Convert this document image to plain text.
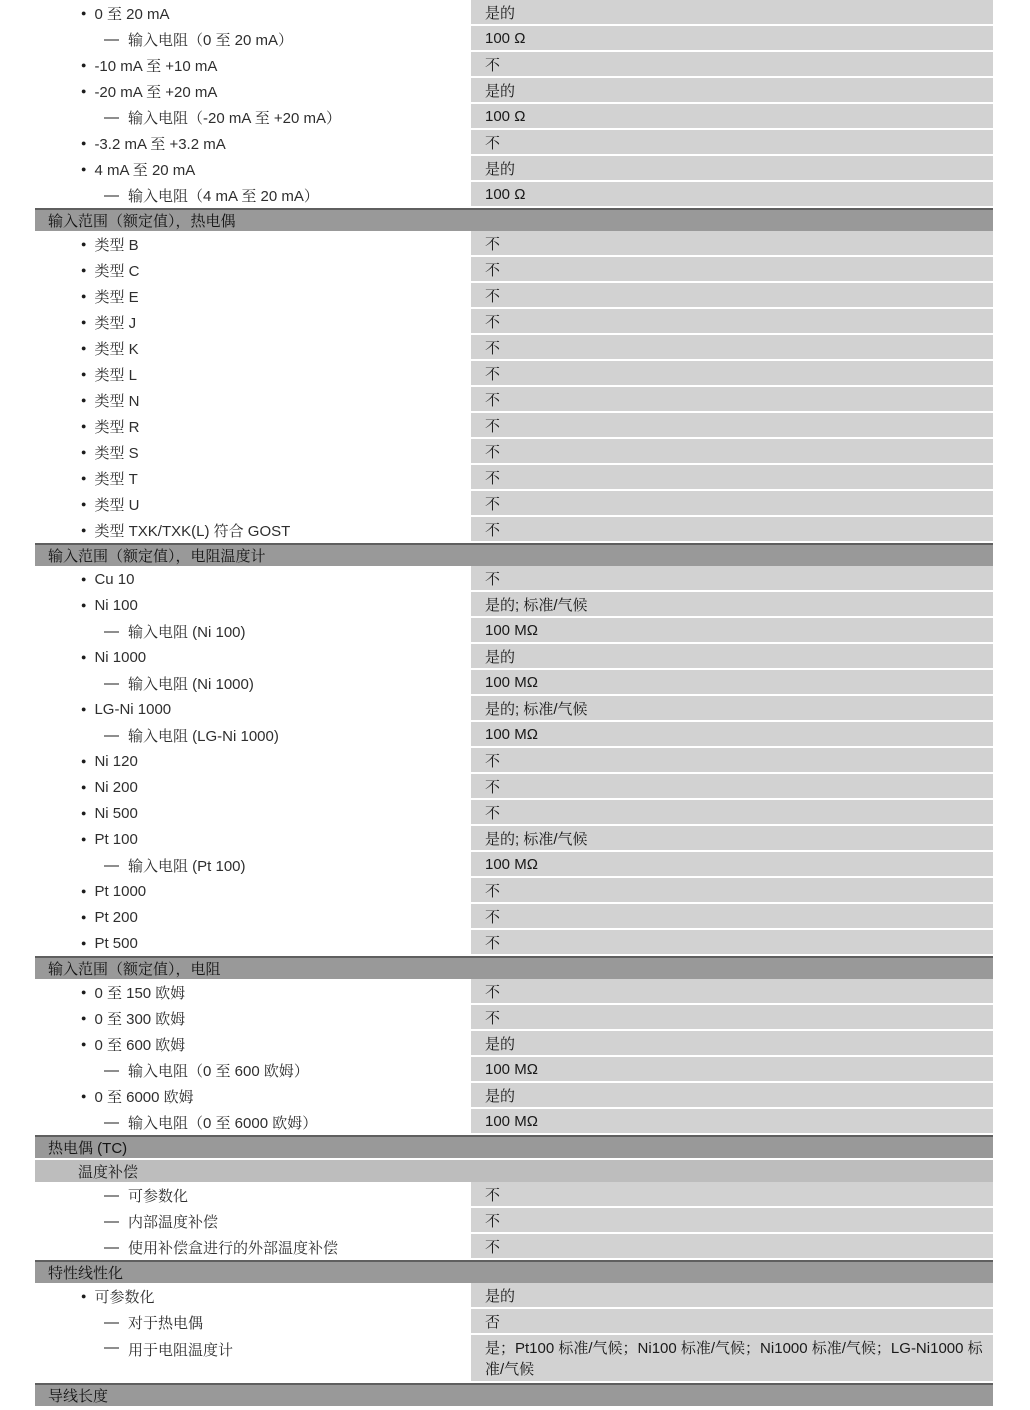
● 0 至 20 mA	是的
— 输入电阻（0 至 20 mA）	100 Ω
● -10 mA 至 +10 mA	不
● -20 mA 至 +20 mA	是的
— 输入电阻（-20 mA 至 +20 mA）	100 Ω
● -3.2 mA 至 +3.2 mA	不
● 4 mA 至 20 mA	是的
— 输入电阻（4 mA 至 20 mA）	100 Ω
输入范围（额定值），热电偶
● 类型 B	不
● 类型 C	不
● 类型 E	不
● 类型 J	不
● 类型 K	不
● 类型 L	不
● 类型 N	不
● 类型 R	不
● 类型 S	不
● 类型 T	不
● 类型 U	不
● 类型 TXK/TXK(L) 符合 GOST	不
输入范围（额定值），电阻温度计
● Cu 10	不
● Ni 100	是的; 标准/气候
— 输入电阻 (Ni 100)	100 MΩ
● Ni 1000	是的
— 输入电阻 (Ni 1000)	100 MΩ
● LG-Ni 1000	是的; 标准/气候
— 输入电阻 (LG-Ni 1000)	100 MΩ
● Ni 120	不
● Ni 200	不
● Ni 500	不
● Pt 100	是的; 标准/气候
— 输入电阻 (Pt 100)	100 MΩ
● Pt 1000	不
● Pt 200	不
● Pt 500	不
输入范围（额定值），电阻
● 0 至 150 欧姆	不
● 0 至 300 欧姆	不
● 0 至 600 欧姆	是的
— 输入电阻（0 至 600 欧姆）	100 MΩ
● 0 至 6000 欧姆	是的
— 输入电阻（0 至 6000 欧姆）	100 MΩ
热电偶 (TC)
温度补偿
— 可参数化	不
— 内部温度补偿	不
— 使用补偿盒进行的外部温度补偿	不
特性线性化
● 可参数化	是的
— 对于热电偶	否
— 用于电阻温度计	是；Pt100 标准/气候；Ni100 标准/气候；Ni1000 标准/气候；LG-Ni1000 标准/气候
导线长度
